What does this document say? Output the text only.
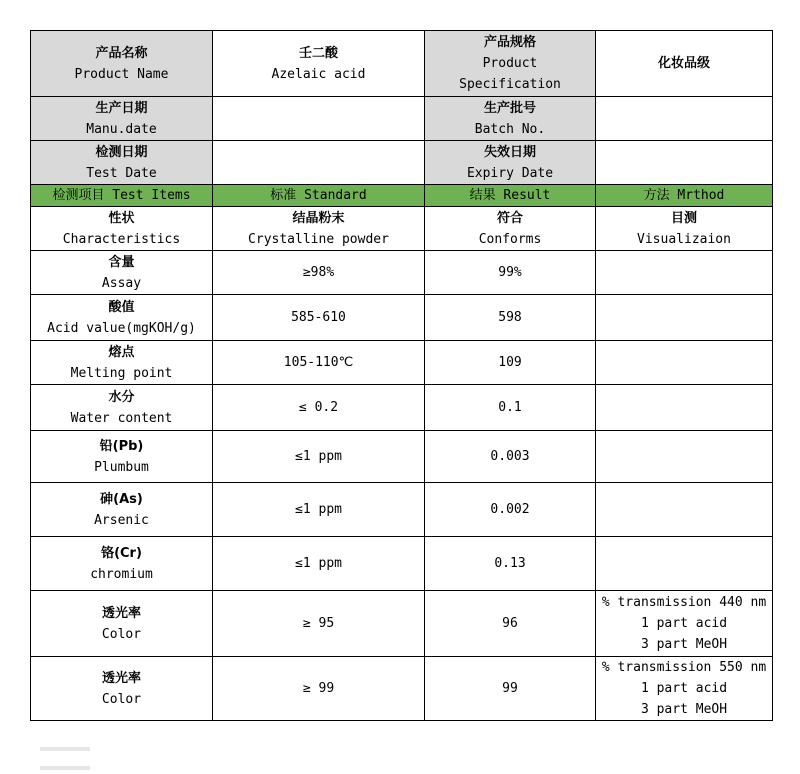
产品名称
Product Name	壬二酸
Azelaic acid	产品规格
Product
Specification	化妆品级

生产日期
Manu.date		生产批号
Batch No.	

检测日期
Test Date		失效日期
Expiry Date	

检测项目 Test Items	标准 Standard	结果 Result	方法 Mrthod

性状
Characteristics	结晶粉末
Crystalline powder	符合
Conforms	目测
Visualizaion

含量
Assay	≥98%	99%	

酸值
Acid value(mgKOH/g)	585-610	598	

熔点
Melting point	105-110℃	109	

水分
Water content	≤ 0.2	0.1	

铅(Pb)
Plumbum	≤1 ppm	0.003	

砷(As)
Arsenic	≤1 ppm	0.002	

铬(Cr)
chromium	≤1 ppm	0.13	

透光率
Color	≥ 95	96	% transmission 440 nm
1 part acid
3 part MeOH

透光率
Color	≥ 99	99	% transmission 550 nm
1 part acid
3 part MeOH
